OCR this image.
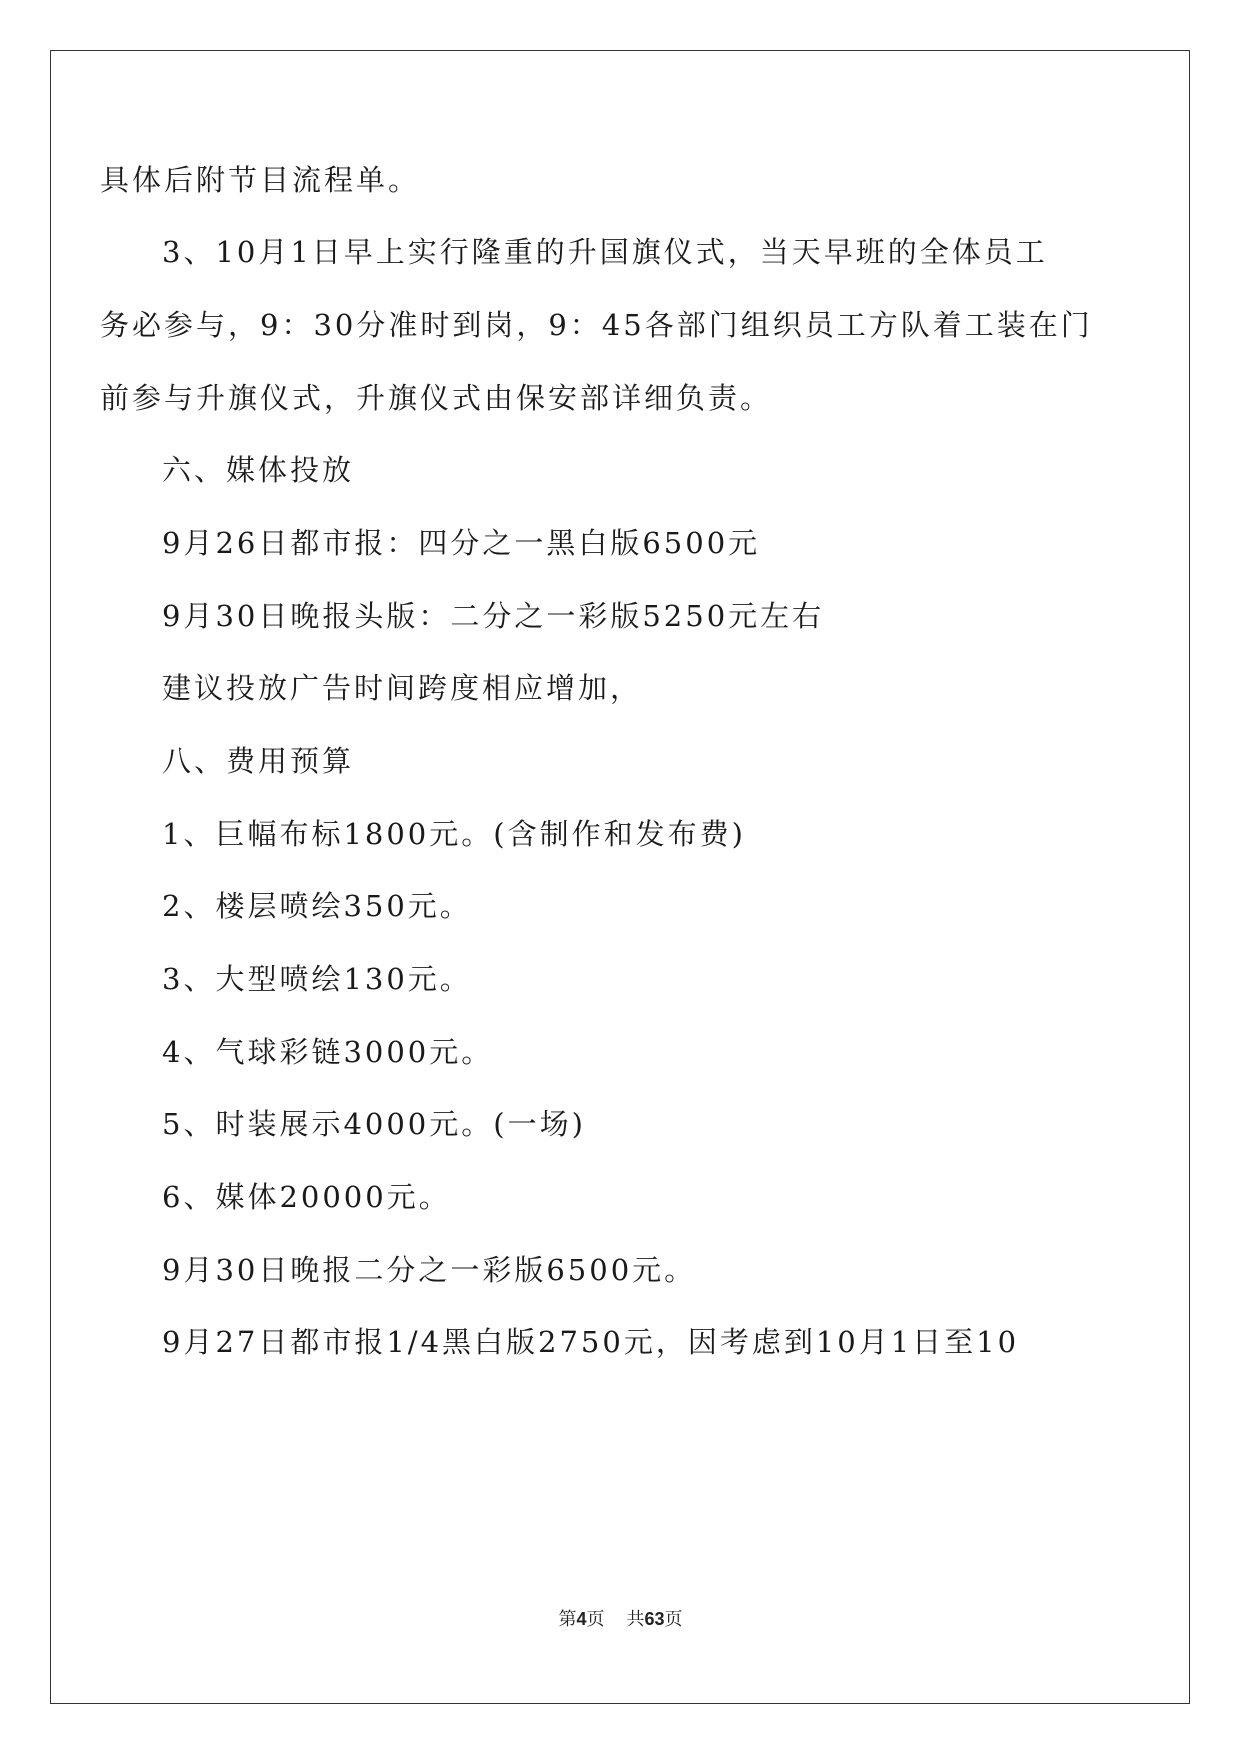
具体后附节目流程单。
3、10月1日早上实行隆重的升国旗仪式，当天早班的全体员工
务必参与，9：30分准时到岗，9：45各部门组织员工方队着工装在门
前参与升旗仪式，升旗仪式由保安部详细负责。
六、媒体投放
9月26日都市报：四分之一黑白版6500元
9月30日晚报头版：二分之一彩版5250元左右
建议投放广告时间跨度相应增加，
八、费用预算
1、巨幅布标1800元。(含制作和发布费)
2、楼层喷绘350元。
3、大型喷绘130元。
4、气球彩链3000元。
5、时装展示4000元。(一场)
6、媒体20000元。
9月30日晚报二分之一彩版6500元。
9月27日都市报1/4黑白版2750元，因考虑到10月1日至10
第4页 共63页
